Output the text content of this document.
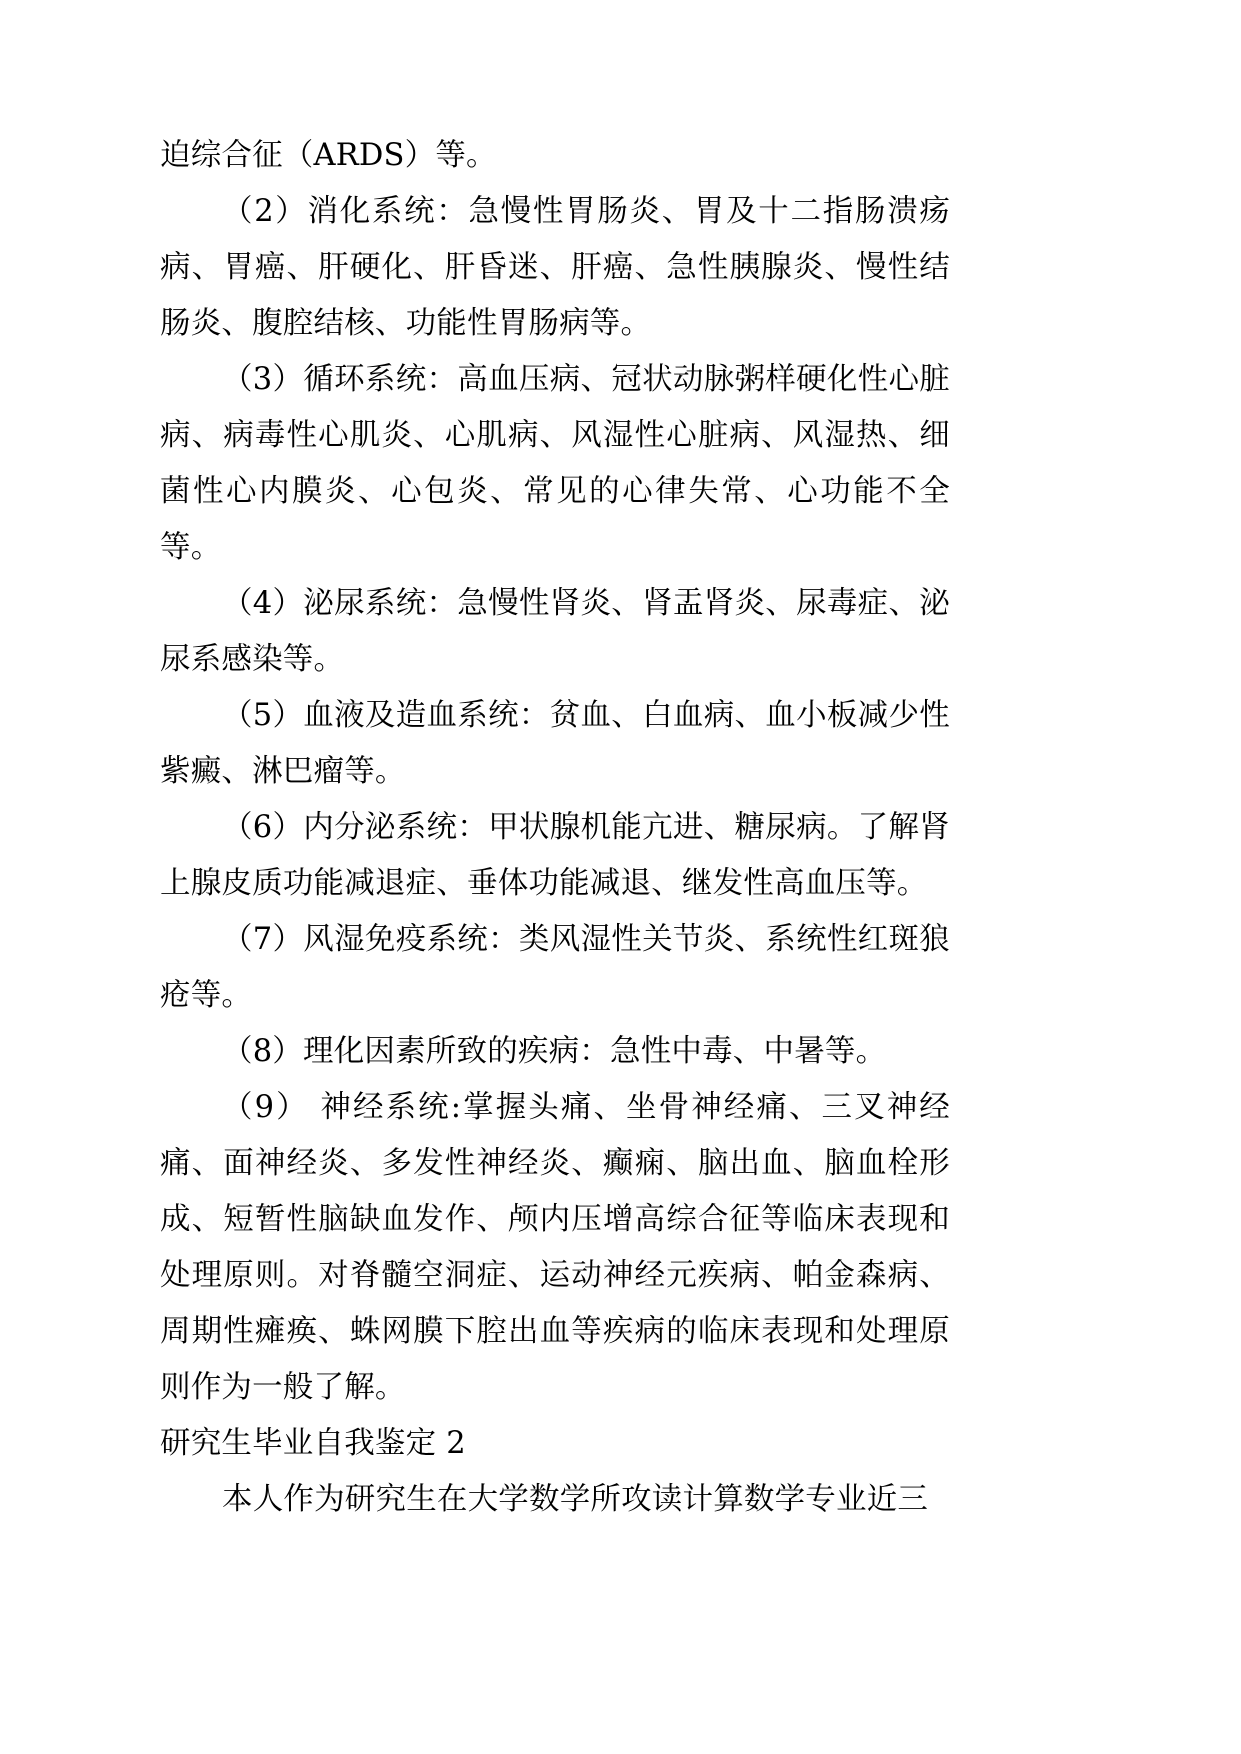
迫综合征（ARDS）等。

（2）消化系统：急慢性胃肠炎、胃及十二指肠溃疡病、胃癌、肝硬化、肝昏迷、肝癌、急性胰腺炎、慢性结肠炎、腹腔结核、功能性胃肠病等。

（3）循环系统：高血压病、冠状动脉粥样硬化性心脏病、病毒性心肌炎、心肌病、风湿性心脏病、风湿热、细菌性心内膜炎、心包炎、常见的心律失常、心功能不全等。

（4）泌尿系统：急慢性肾炎、肾盂肾炎、尿毒症、泌尿系感染等。

（5）血液及造血系统：贫血、白血病、血小板减少性紫癜、淋巴瘤等。

（6）内分泌系统：甲状腺机能亢进、糖尿病。了解肾上腺皮质功能减退症、垂体功能减退、继发性高血压等。

（7）风湿免疫系统：类风湿性关节炎、系统性红斑狼疮等。

（8）理化因素所致的疾病：急性中毒、中暑等。

（9） 神经系统:掌握头痛、坐骨神经痛、三叉神经痛、面神经炎、多发性神经炎、癫痫、脑出血、脑血栓形成、短暂性脑缺血发作、颅内压增高综合征等临床表现和处理原则。对脊髓空洞症、运动神经元疾病、帕金森病、周期性瘫痪、蛛网膜下腔出血等疾病的临床表现和处理原则作为一般了解。

研究生毕业自我鉴定 2

本人作为研究生在大学数学所攻读计算数学专业近三
